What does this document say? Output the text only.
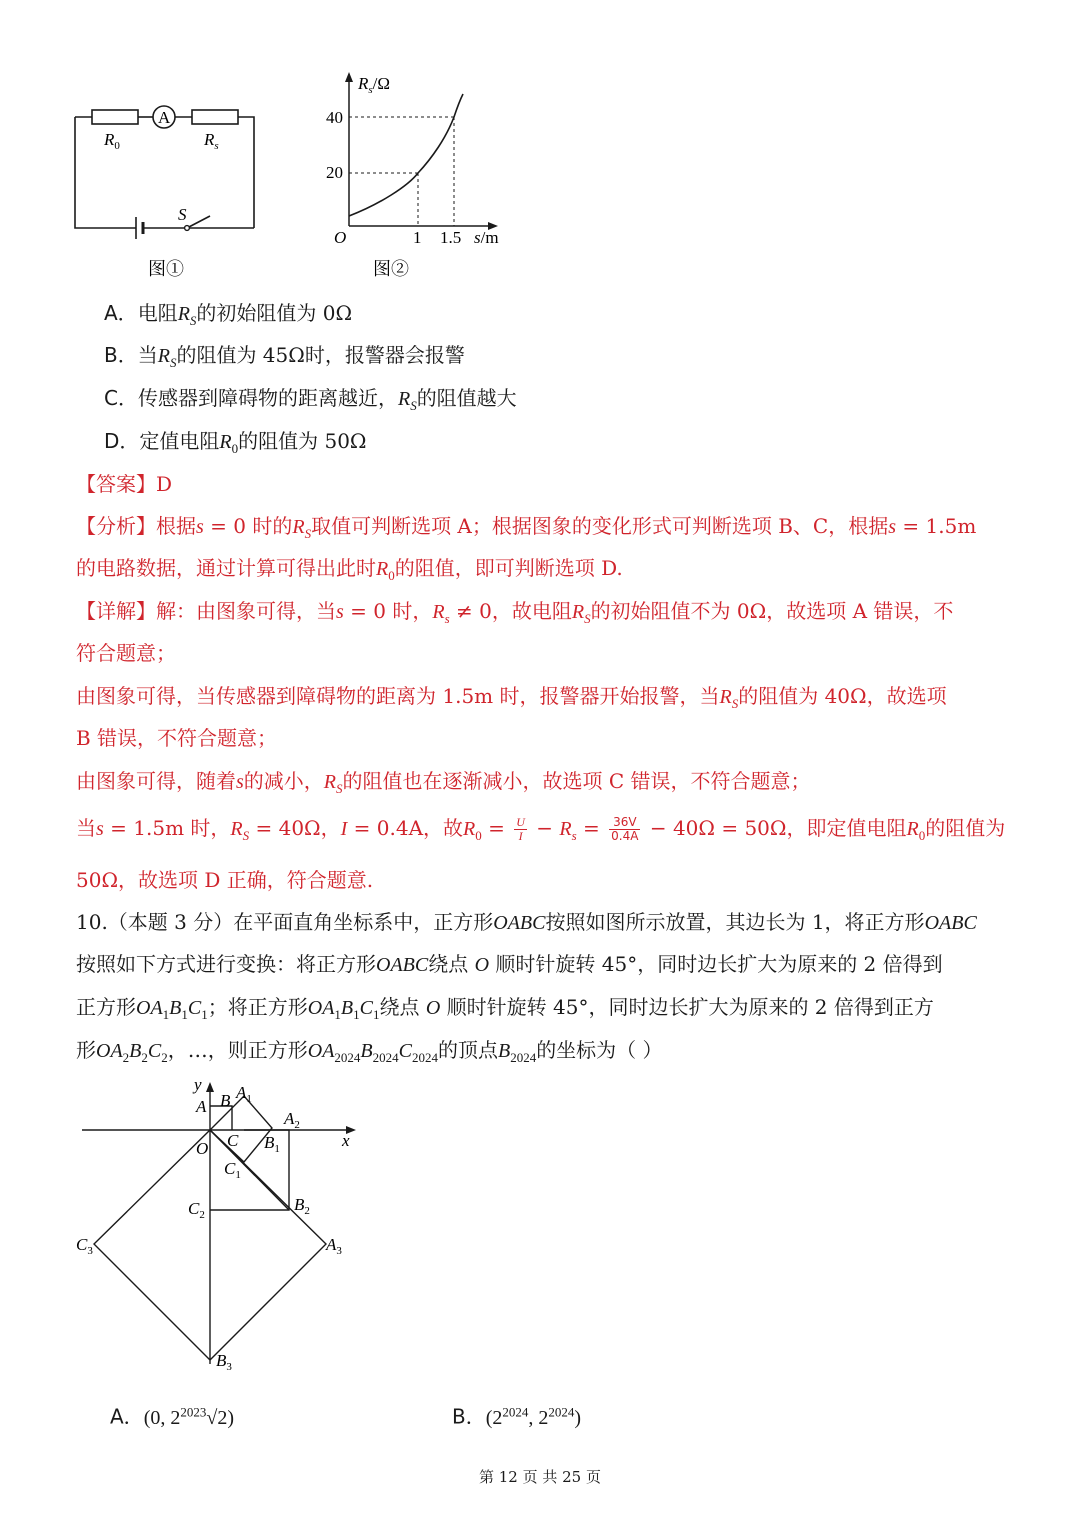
A
$R_0$	$R_s$
S
图①
$R_s/\Omega$
40
20
O	1 1.5 s/m
图②
A．电阻$R_S$的初始阻值为 0Ω
B．当$R_S$的阻值为 45Ω时，报警器会报警
C．传感器到障碍物的距离越近，$R_S$的阻值越大
D．定值电阻$R_0$的阻值为 50Ω
【答案】D
【分析】根据s = 0 时的$R_S$取值可判断选项 A；根据图象的变化形式可判断选项 B、C，根据s = 1.5m
的电路数据，通过计算可得出此时$R_0$的阻值，即可判断选项 D.
【详解】解：由图象可得，当s = 0 时，$R_s \ne 0$，故电阻$R_S$的初始阻值不为 0Ω，故选项 A 错误，不
符合题意；
由图象可得，当传感器到障碍物的距离为 1.5m 时，报警器开始报警，当$R_S$的阻值为 40Ω，故选项
B 错误，不符合题意；
由图象可得，随着s的减小，$R_S$的阻值也在逐渐减小，故选项 C 错误，不符合题意；
当s = 1.5m 时，$R_S = 40\Omega$，I = 0.4A，故$R_0 = \frac{U}{I} - R_s = \frac{36V}{0.4A} - 40\Omega = 50\Omega$，即定值电阻$R_0$的阻值为
50Ω，故选项 D 正确，符合题意.
10.（本题 3 分）在平面直角坐标系中，正方形OABC按照如图所示放置，其边长为 1，将正方形OABC
按照如下方式进行变换：将正方形OABC绕点 O 顺时针旋转 45°，同时边长扩大为原来的 2 倍得到
正方形$OA_1B_1C_1$；将正方形$OA_1B_1C_1$绕点 O 顺时针旋转 45°，同时边长扩大为原来的 2 倍得到正方
形$OA_2B_2C_2$，…，则正方形$OA_{2024}B_{2024}C_{2024}$的顶点$B_{2024}$的坐标为（ ）
y
x
O
A B
C
$A_1$
$B_1$
$C_1$
$A_2$
$B_2$
$C_2$
$A_3$
$B_3$
$C_3$
A．(0, $2^{2023}√2$)	B．($2^{2024}$, $2^{2024}$)
第 12 页 共 25 页
